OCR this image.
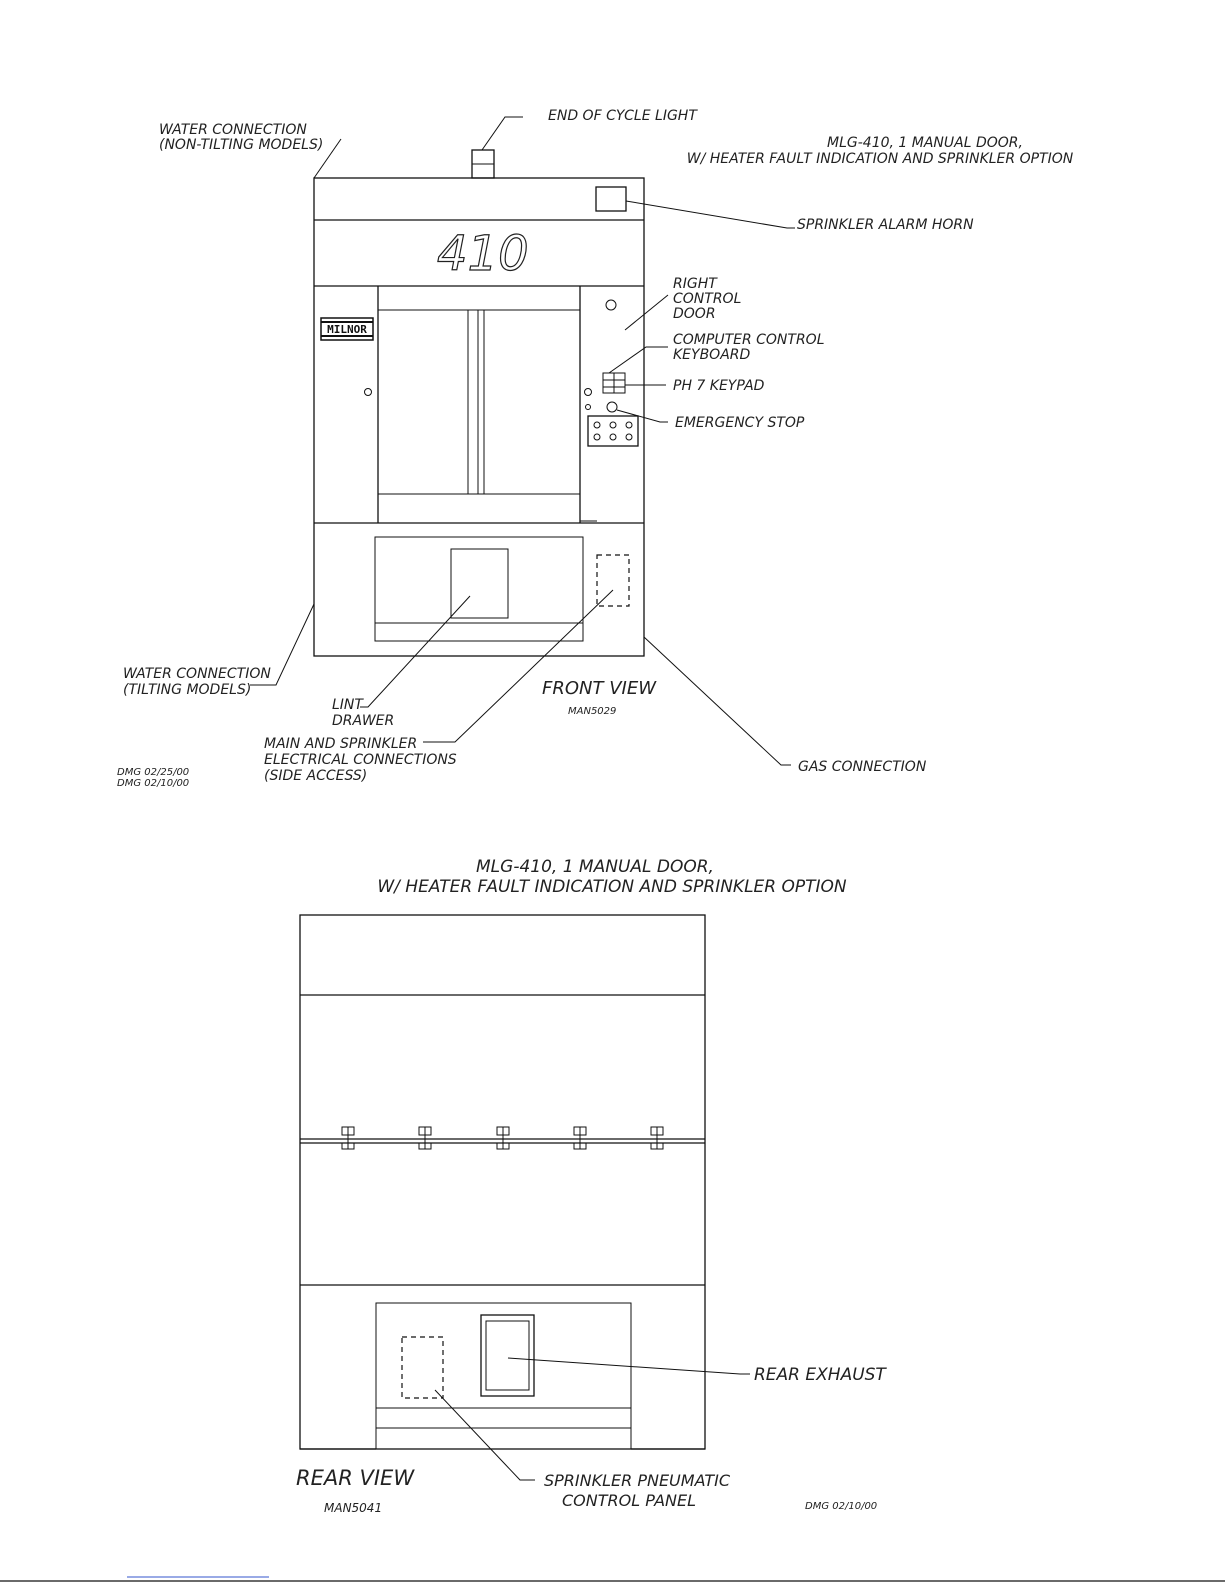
410
MILNOR
WATER CONNECTION
(NON-TILTING MODELS)
END OF CYCLE LIGHT
MLG-410, 1 MANUAL DOOR,
W/ HEATER FAULT INDICATION AND SPRINKLER OPTION
SPRINKLER ALARM HORN
RIGHT
CONTROL
DOOR
COMPUTER CONTROL
KEYBOARD
PH 7 KEYPAD
EMERGENCY STOP
WATER CONNECTION
(TILTING MODELS)
LINT
DRAWER
MAIN AND SPRINKLER
ELECTRICAL CONNECTIONS
(SIDE ACCESS)
FRONT VIEW
MAN5029
GAS CONNECTION
DMG 02/25/00
DMG 02/10/00
MLG-410, 1 MANUAL DOOR,
W/ HEATER FAULT INDICATION AND SPRINKLER OPTION
REAR EXHAUST
REAR VIEW	SPRINKLER PNEUMATIC
CONTROL PANEL
MAN5041	DMG 02/10/00
